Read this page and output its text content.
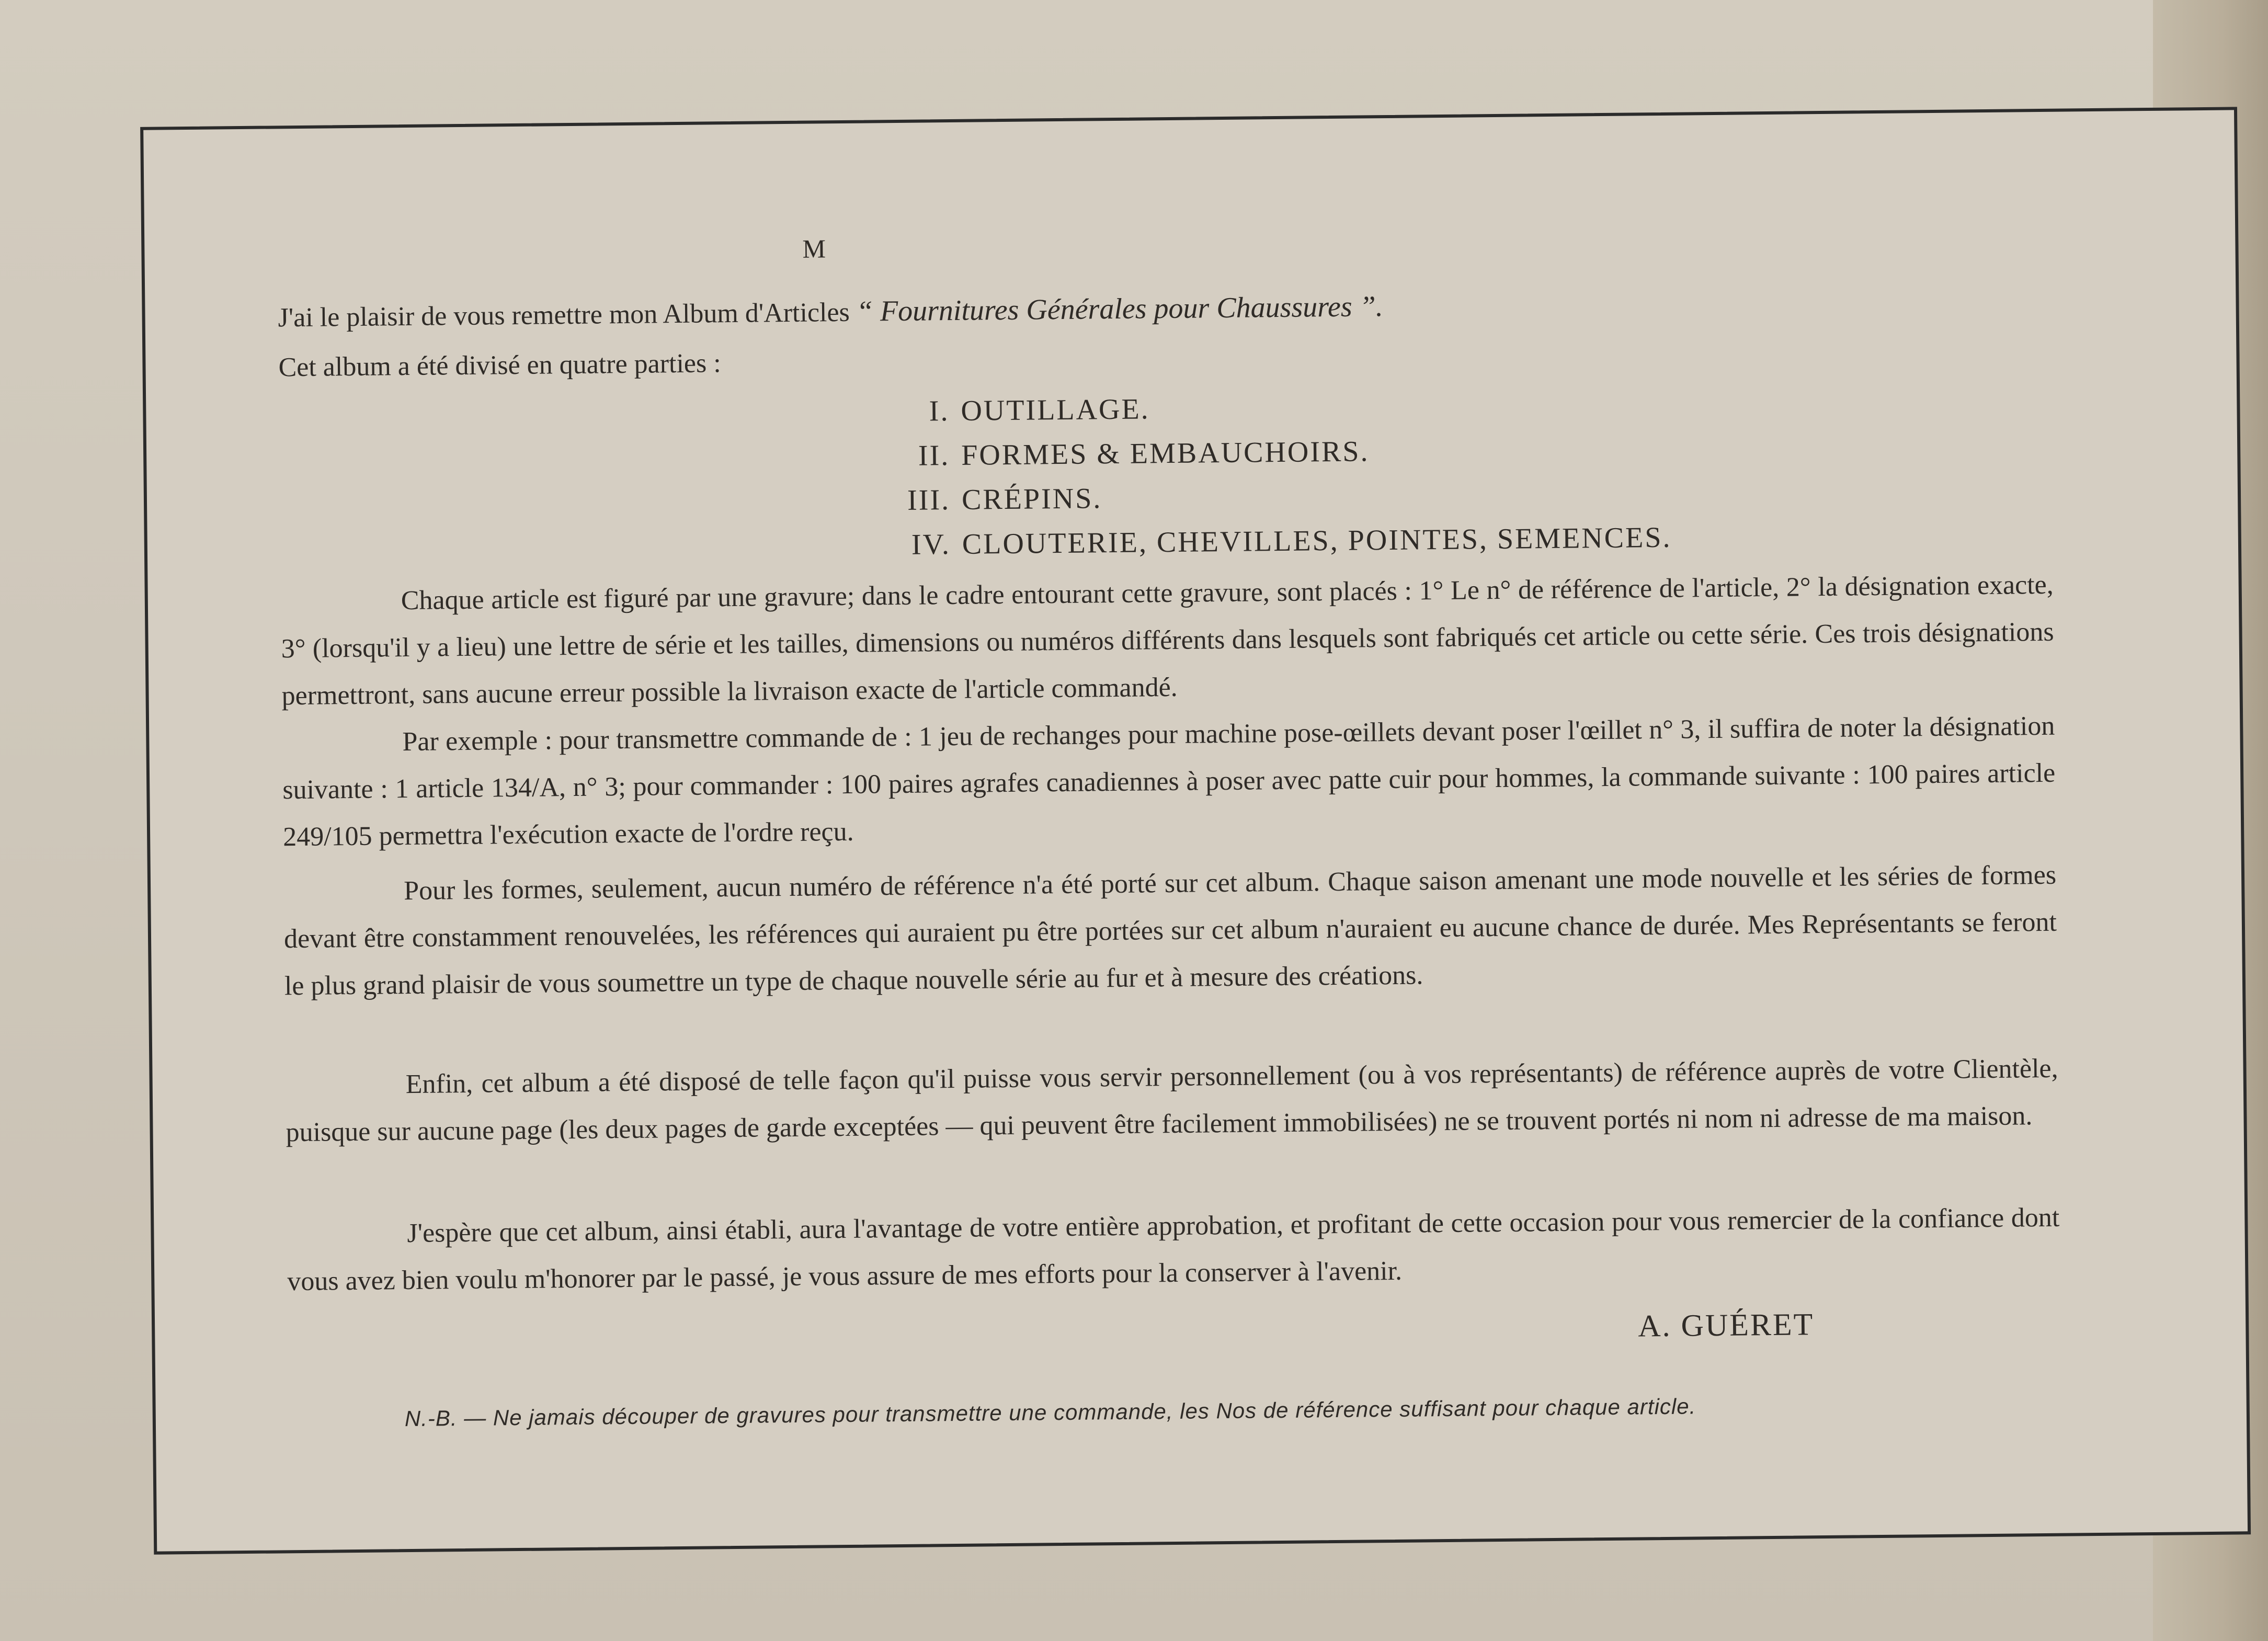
M
J'ai le plaisir de vous remettre mon Album d'Articles “ Fournitures Générales pour Chaussures ”.
Cet album a été divisé en quatre parties :
I. OUTILLAGE.
II. FORMES & EMBAUCHOIRS.
III. CRÉPINS.
IV. CLOUTERIE, CHEVILLES, POINTES, SEMENCES.
Chaque article est figuré par une gravure; dans le cadre entourant cette gravure, sont placés : 1° Le n° de référence de l'article, 2° la désignation exacte, 3° (lorsqu'il y a lieu) une lettre de série et les tailles, dimensions ou numéros différents dans lesquels sont fabriqués cet article ou cette série. Ces trois désignations permettront, sans aucune erreur possible la livraison exacte de l'article commandé.
Par exemple : pour transmettre commande de : 1 jeu de rechanges pour machine pose-œillets devant poser l'œillet n° 3, il suffira de noter la désignation suivante : 1 article 134/A, n° 3; pour commander : 100 paires agrafes canadiennes à poser avec patte cuir pour hommes, la commande suivante : 100 paires article 249/105 permettra l'exécution exacte de l'ordre reçu.
Pour les formes, seulement, aucun numéro de référence n'a été porté sur cet album. Chaque saison amenant une mode nouvelle et les séries de formes devant être constamment renouvelées, les références qui auraient pu être portées sur cet album n'auraient eu aucune chance de durée. Mes Représentants se feront le plus grand plaisir de vous soumettre un type de chaque nouvelle série au fur et à mesure des créations.
Enfin, cet album a été disposé de telle façon qu'il puisse vous servir personnellement (ou à vos représentants) de référence auprès de votre Clientèle, puisque sur aucune page (les deux pages de garde exceptées — qui peuvent être facilement immobilisées) ne se trouvent portés ni nom ni adresse de ma maison.
J'espère que cet album, ainsi établi, aura l'avantage de votre entière approbation, et profitant de cette occasion pour vous remercier de la confiance dont vous avez bien voulu m'honorer par le passé, je vous assure de mes efforts pour la conserver à l'avenir.
A. GUÉRET
N.-B. — Ne jamais découper de gravures pour transmettre une commande, les Nos de référence suffisant pour chaque article.
